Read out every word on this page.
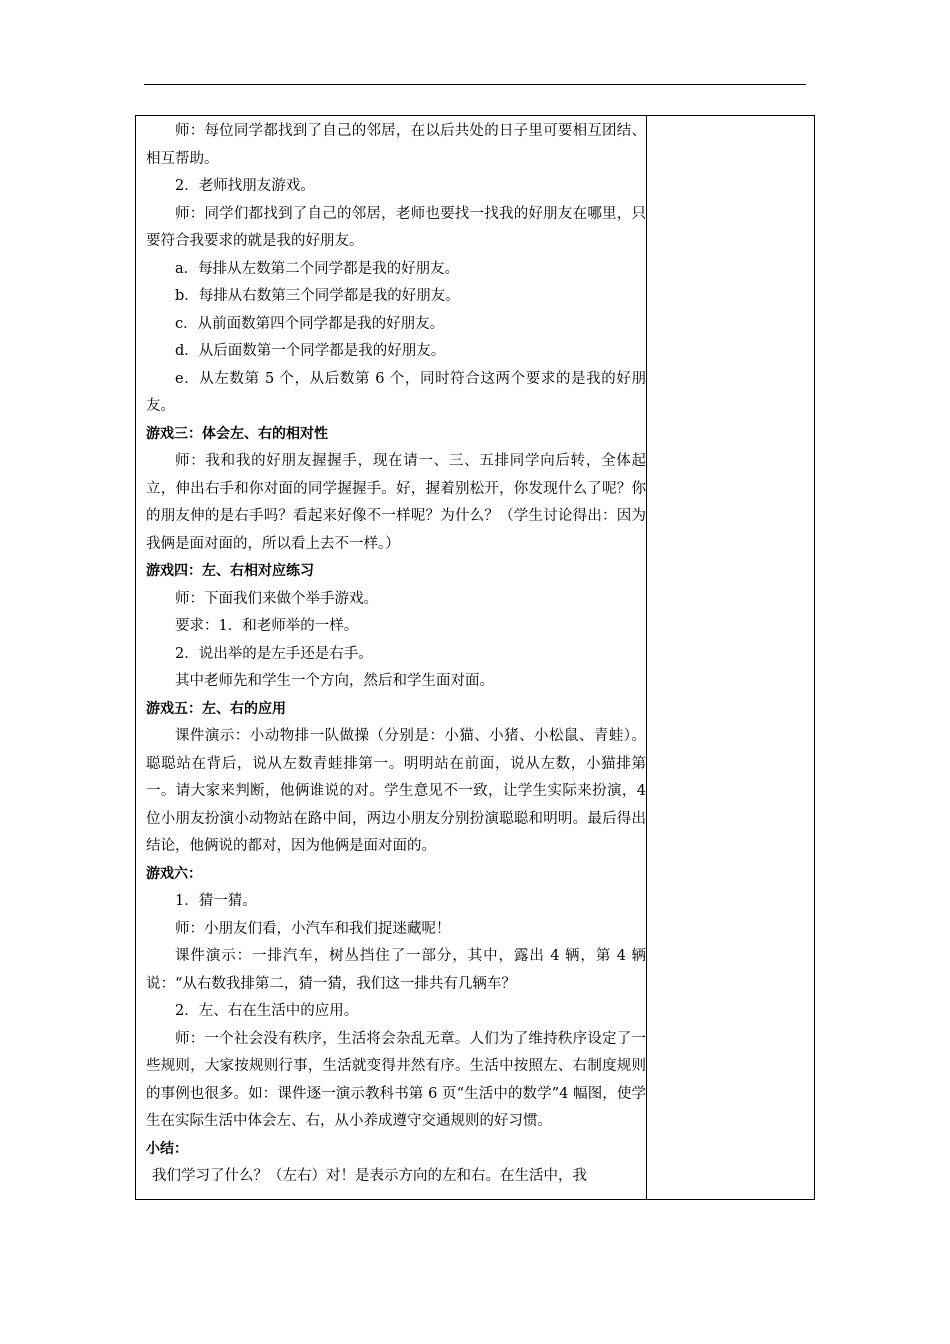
师：每位同学都找到了自己的邻居，在以后共处的日子里可要相互团结、相互帮助。

2．老师找朋友游戏。

师：同学们都找到了自己的邻居，老师也要找一找我的好朋友在哪里，只要符合我要求的就是我的好朋友。

a．每排从左数第二个同学都是我的好朋友。

b．每排从右数第三个同学都是我的好朋友。

c．从前面数第四个同学都是我的好朋友。

d．从后面数第一个同学都是我的好朋友。

e．从左数第 5 个，从后数第 6 个，同时符合这两个要求的是我的好朋友。

游戏三：体会左、右的相对性

师：我和我的好朋友握握手，现在请一、三、五排同学向后转，全体起立，伸出右手和你对面的同学握握手。好，握着别松开，你发现什么了呢？你的朋友伸的是右手吗？看起来好像不一样呢？为什么？（学生讨论得出：因为我俩是面对面的，所以看上去不一样。）

游戏四：左、右相对应练习

师：下面我们来做个举手游戏。

要求：1．和老师举的一样。

2．说出举的是左手还是右手。

其中老师先和学生一个方向，然后和学生面对面。

游戏五：左、右的应用

课件演示：小动物排一队做操（分别是：小猫、小猪、小松鼠、青蛙）。聪聪站在背后，说从左数青蛙排第一。明明站在前面，说从左数，小猫排第一。请大家来判断，他俩谁说的对。学生意见不一致，让学生实际来扮演，4 位小朋友扮演小动物站在路中间，两边小朋友分别扮演聪聪和明明。最后得出结论，他俩说的都对，因为他俩是面对面的。

游戏六：

1．猜一猜。

师：小朋友们看，小汽车和我们捉迷藏呢！

课件演示：一排汽车，树丛挡住了一部分，其中，露出 4 辆，第 4 辆说：“从右数我排第二，猜一猜，我们这一排共有几辆车？

2．左、右在生活中的应用。

师：一个社会没有秩序，生活将会杂乱无章。人们为了维持秩序设定了一些规则，大家按规则行事，生活就变得井然有序。生活中按照左、右制度规则的事例也很多。如：课件逐一演示教科书第 6 页“生活中的数学”4 幅图，使学生在实际生活中体会左、右，从小养成遵守交通规则的好习惯。

小结：

我们学习了什么？（左右）对！是表示方向的左和右。在生活中，我
